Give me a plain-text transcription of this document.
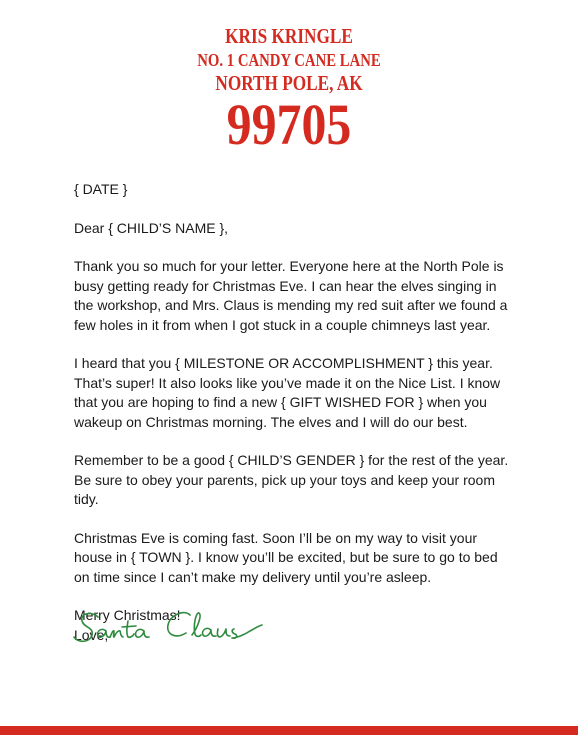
KRIS KRINGLE
NO. 1 CANDY CANE LANE
NORTH POLE, AK
99705

{ DATE }

Dear { CHILD’S NAME },

Thank you so much for your letter. Everyone here at the North Pole is busy getting ready for Christmas Eve. I can hear the elves singing in the workshop, and Mrs. Claus is mending my red suit after we found a few holes in it from when I got stuck in a couple chimneys last year.

I heard that you { MILESTONE OR ACCOMPLISHMENT } this year. That’s super! It also looks like you’ve made it on the Nice List. I know that you are hoping to find a new { GIFT WISHED FOR } when you wakeup on Christmas morning. The elves and I will do our best.

Remember to be a good { CHILD’S GENDER } for the rest of the year. Be sure to obey your parents, pick up your toys and keep your room tidy.

Christmas Eve is coming fast. Soon I’ll be on my way to visit your house in { TOWN }. I know you’ll be excited, but be sure to go to bed on time since I can’t make my delivery until you’re asleep.

Merry Christmas!

Love,
